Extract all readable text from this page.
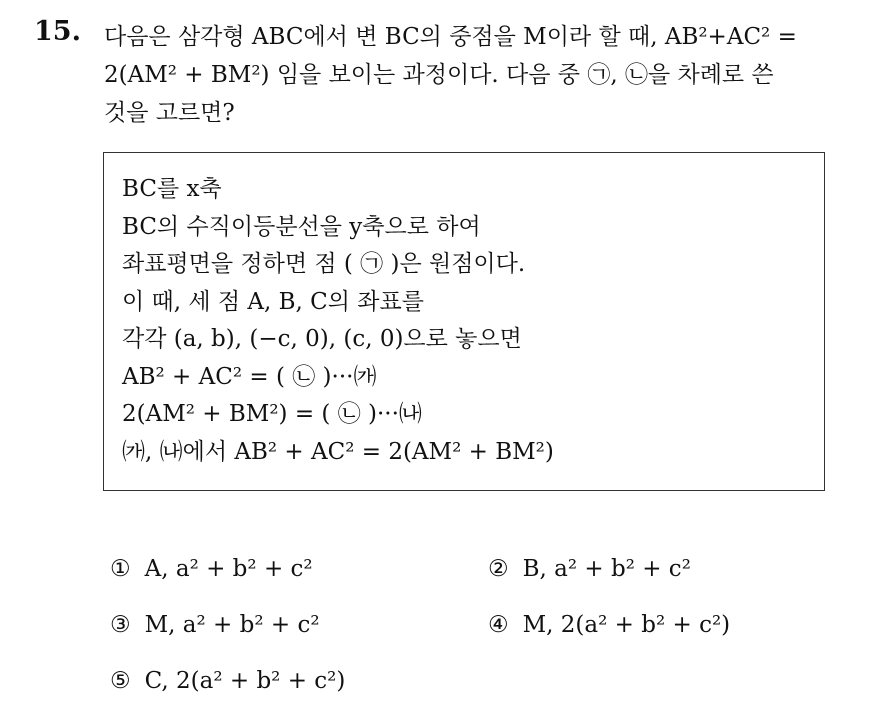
15. 다음은 삼각형 ABC에서 변 BC의 중점을 M이라 할 때, AB²+AC² =
2(AM² + BM²) 임을 보이는 과정이다. 다음 중 ㉠, ㉡을 차례로 쓴
것을 고르면?
BC를 x축
BC의 수직이등분선을 y축으로 하여
좌표평면을 정하면 점 ( ㉠ )은 원점이다.
이 때, 세 점 A, B, C의 좌표를
각각 (a, b), (−c, 0), (c, 0)으로 놓으면
AB² + AC² = ( ㉡ )···㈎
2(AM² + BM²) = ( ㉡ )···㈏
㈎, ㈏에서 AB² + AC² = 2(AM² + BM²)
① A, a² + b² + c²	② B, a² + b² + c²
③ M, a² + b² + c²	④ M, 2(a² + b² + c²)
⑤ C, 2(a² + b² + c²)
